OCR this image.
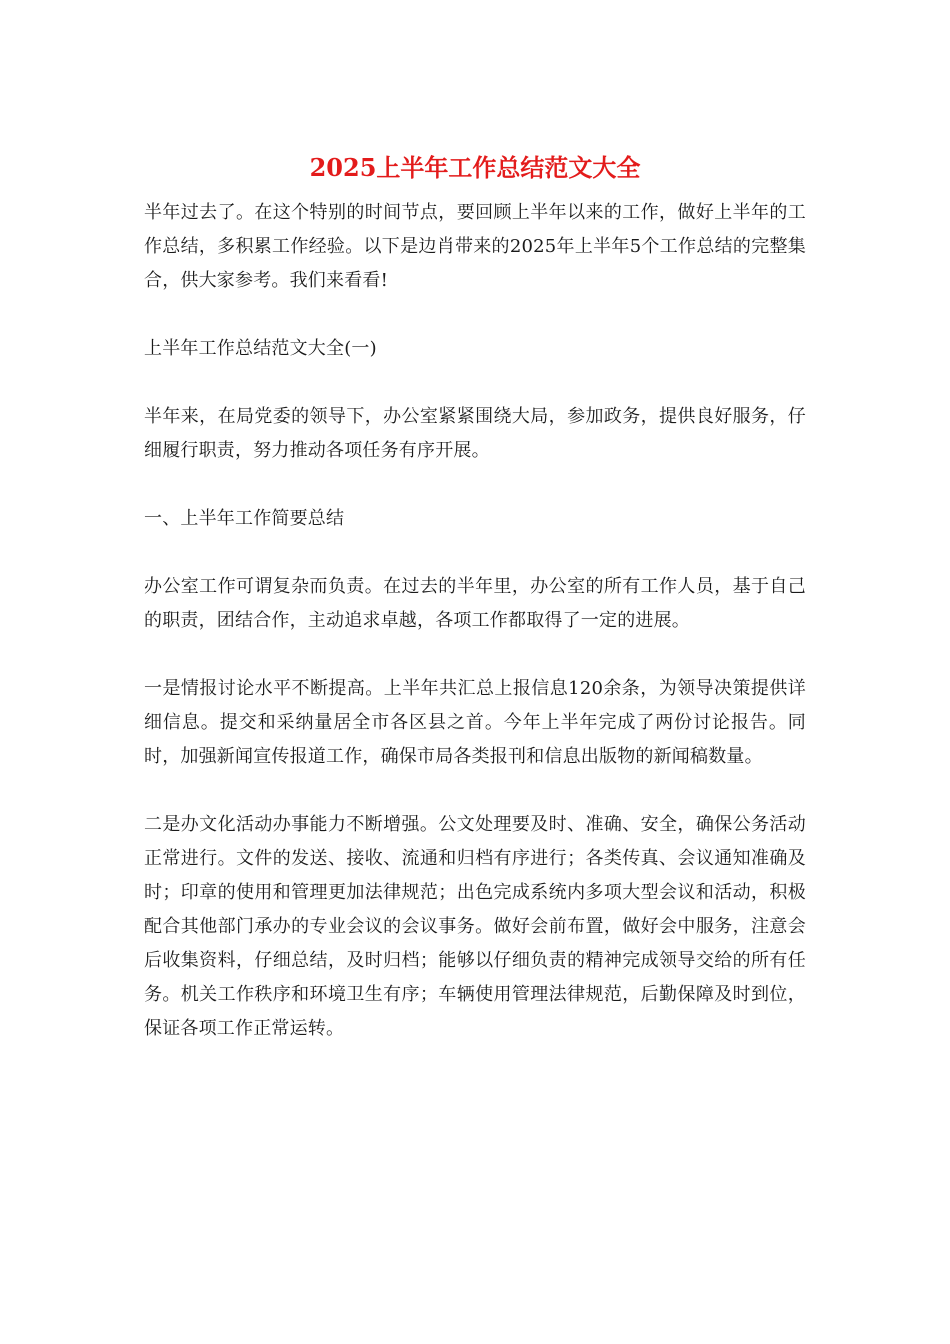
2025上半年工作总结范文大全

半年过去了。在这个特别的时间节点，要回顾上半年以来的工作，做好上半年的工作总结，多积累工作经验。以下是边肖带来的2025年上半年5个工作总结的完整集合，供大家参考。我们来看看!

上半年工作总结范文大全(一)

半年来，在局党委的领导下，办公室紧紧围绕大局，参加政务，提供良好服务，仔细履行职责，努力推动各项任务有序开展。

一、上半年工作简要总结

办公室工作可谓复杂而负责。在过去的半年里，办公室的所有工作人员，基于自己的职责，团结合作，主动追求卓越，各项工作都取得了一定的进展。

一是情报讨论水平不断提高。上半年共汇总上报信息120余条，为领导决策提供详细信息。提交和采纳量居全市各区县之首。今年上半年完成了两份讨论报告。同时，加强新闻宣传报道工作，确保市局各类报刊和信息出版物的新闻稿数量。

二是办文化活动办事能力不断增强。公文处理要及时、准确、安全，确保公务活动正常进行。文件的发送、接收、流通和归档有序进行；各类传真、会议通知准确及时；印章的使用和管理更加法律规范；出色完成系统内多项大型会议和活动，积极配合其他部门承办的专业会议的会议事务。做好会前布置，做好会中服务，注意会后收集资料，仔细总结，及时归档；能够以仔细负责的精神完成领导交给的所有任务。机关工作秩序和环境卫生有序；车辆使用管理法律规范，后勤保障及时到位，保证各项工作正常运转。
